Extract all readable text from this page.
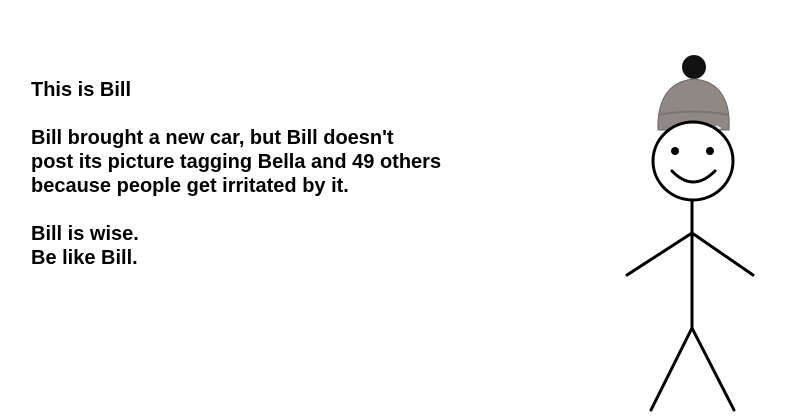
This is Bill

Bill brought a new car, but Bill doesn't

post its picture tagging Bella and 49 others

because people get irritated by it.

Bill is wise.

Be like Bill.
